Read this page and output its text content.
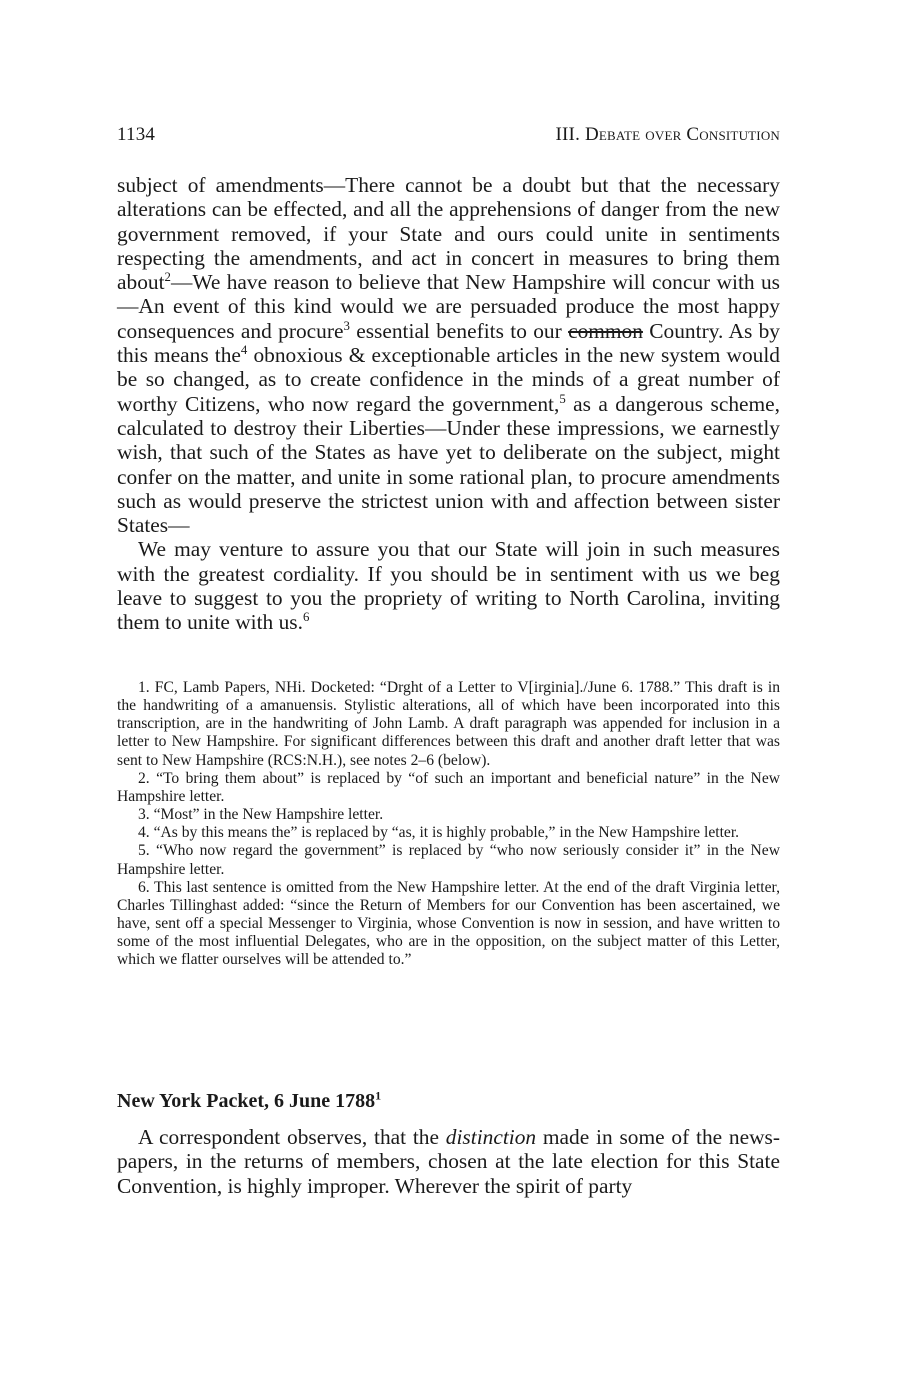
1134	III. Debate over Consitution

subject of amendments—There cannot be a doubt but that the necessary alterations can be effected, and all the apprehensions of danger from the new government removed, if your State and ours could unite in sentiments respecting the amendments, and act in concert in measures to bring them about$^2$—We have reason to believe that New Hampshire will concur with us—An event of this kind would we are persuaded produce the most happy consequences and procure$^3$ essential benefits to our common Country. As by this means the$^4$ obnoxious & exceptionable articles in the new system would be so changed, as to create confidence in the minds of a great number of worthy Citizens, who now regard the government,$^5$ as a dangerous scheme, calculated to destroy their Liberties—Under these impressions, we earnestly wish, that such of the States as have yet to deliberate on the subject, might confer on the matter, and unite in some rational plan, to procure amendments such as would preserve the strictest union with and affection between sister States—

We may venture to assure you that our State will join in such measures with the greatest cordiality. If you should be in sentiment with us we beg leave to suggest to you the propriety of writing to North Carolina, inviting them to unite with us.$^6$

1. FC, Lamb Papers, NHi. Docketed: “Drght of a Letter to V[irginia]./June 6. 1788.” This draft is in the handwriting of a amanuensis. Stylistic alterations, all of which have been incorporated into this transcription, are in the handwriting of John Lamb. A draft paragraph was appended for inclusion in a letter to New Hampshire. For significant differences between this draft and another draft letter that was sent to New Hampshire (RCS:N.H.), see notes 2–6 (below).

2. “To bring them about” is replaced by “of such an important and beneficial nature” in the New Hampshire letter.

3. “Most” in the New Hampshire letter.

4. “As by this means the” is replaced by “as, it is highly probable,” in the New Hampshire letter.

5. “Who now regard the government” is replaced by “who now seriously consider it” in the New Hampshire letter.

6. This last sentence is omitted from the New Hampshire letter. At the end of the draft Virginia letter, Charles Tillinghast added: “since the Return of Members for our Convention has been ascertained, we have, sent off a special Messenger to Virginia, whose Convention is now in session, and have written to some of the most influential Delegates, who are in the opposition, on the subject matter of this Letter, which we flatter ourselves will be attended to.”

New York Packet, 6 June 1788$^1$

A correspondent observes, that the distinction made in some of the news-papers, in the returns of members, chosen at the late election for this State Convention, is highly improper. Wherever the spirit of party
